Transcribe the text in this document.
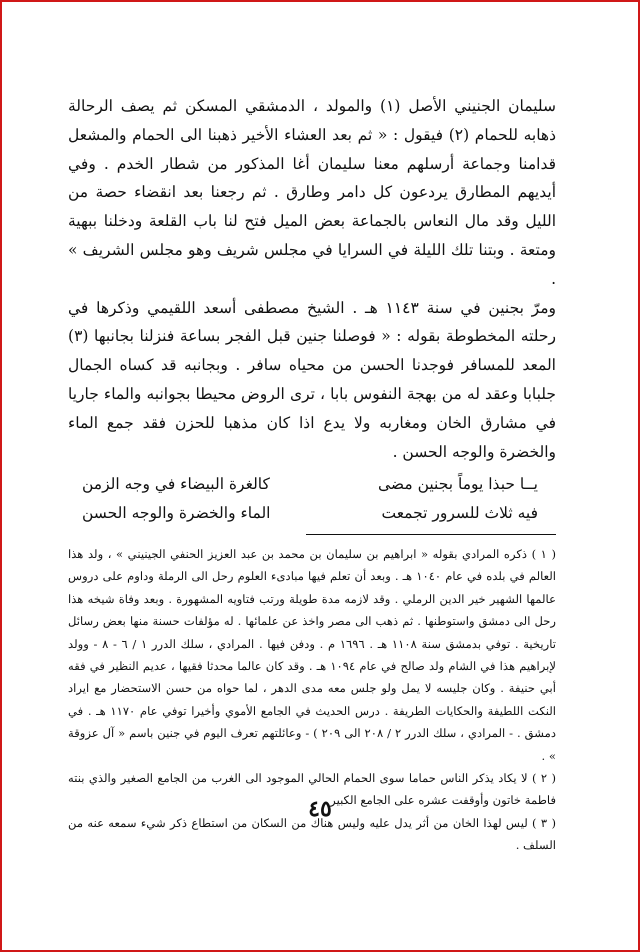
سليمان الجنيني الأصل (١) والمولد ، الدمشقي المسكن ثم يصف الرحالة ذهابه للحمام (٢) فيقول : « ثم بعد العشاء الأخير ذهبنا الى الحمام والمشعل قدامنا وجماعة أرسلهم معنا سليمان أغا المذكور من شطار الخدم . وفي أيديهم المطارق يردعون كل دامر وطارق . ثم رجعنا بعد انقضاء حصة من الليل وقد مال النعاس بالجماعة بعض الميل فتح لنا باب القلعة ودخلنا ببهية ومتعة . وبتنا تلك الليلة في السرايا في مجلس شريف وهو مجلس الشريف » .

ومرّ بجنين في سنة ١١٤٣ هـ . الشيخ مصطفى أسعد اللقيمي وذكرها في رحلته المخطوطة بقوله : « فوصلنا جنين قبل الفجر بساعة فنزلنا بجانبها (٣) المعد للمسافر فوجدنا الحسن من محياه سافر . وبجانبه قد كساه الجمال جلبابا وعقد له من بهجة النفوس بابا ، ترى الروض محيطا بجوانبه والماء جاريا في مشارق الخان ومغاربه ولا يدع اذا كان مذهبا للحزن فقد جمع الماء والخضرة والوجه الحسن .

يــا حبذا يوماً بجنين مضى
كالغرة البيضاء في وجه الزمن
فيه ثلاث للسرور تجمعت
الماء والخضرة والوجه الحسن

( ١ ) ذكره المرادي بقوله « ابراهيم بن سليمان بن محمد بن عبد العزيز الحنفي الجينيني » ، ولد هذا العالم في بلده في عام ١٠٤٠ هـ . وبعد أن تعلم فيها مبادىء العلوم رحل الى الرملة وداوم على دروس عالمها الشهير خير الدين الرملي . وقد لازمه مدة طويلة ورتب فتاويه المشهورة . وبعد وفاة شيخه هذا رحل الى دمشق واستوطنها . ثم ذهب الى مصر واخذ عن علمائها . له مؤلفات حسنة منها بعض رسائل تاريخية . توفي بدمشق سنة ١١٠٨ هـ . ١٦٩٦ م . ودفن فيها . المرادي ، سلك الدرر ١ / ٦ - ٨ - وولد لإبراهيم هذا في الشام ولد صالح في عام ١٠٩٤ هـ . وقد كان عالما محدثا فقيها ، عديم النظير في فقه أبي حنيفة . وكان جليسه لا يمل ولو جلس معه مدى الدهر ، لما حواه من حسن الاستحضار مع ايراد النكت اللطيفة والحكايات الطريفة . درس الحديث في الجامع الأموي وأخيرا توفي عام ١١٧٠ هـ . في دمشق . - المرادي ، سلك الدرر ٢ / ٢٠٨ الى ٢٠٩ ) - وعائلتهم تعرف اليوم في جنين باسم « آل عزوقة » .

( ٢ ) لا يكاد يذكر الناس حماما سوى الحمام الحالي الموجود الى الغرب من الجامع الصغير والذي بنته فاطمة خاتون وأوقفت عشره على الجامع الكبير .

( ٣ ) ليس لهذا الخان من أثر يدل عليه وليس هناك من السكان من استطاع ذكر شيء سمعه عنه من السلف .

٤٥
